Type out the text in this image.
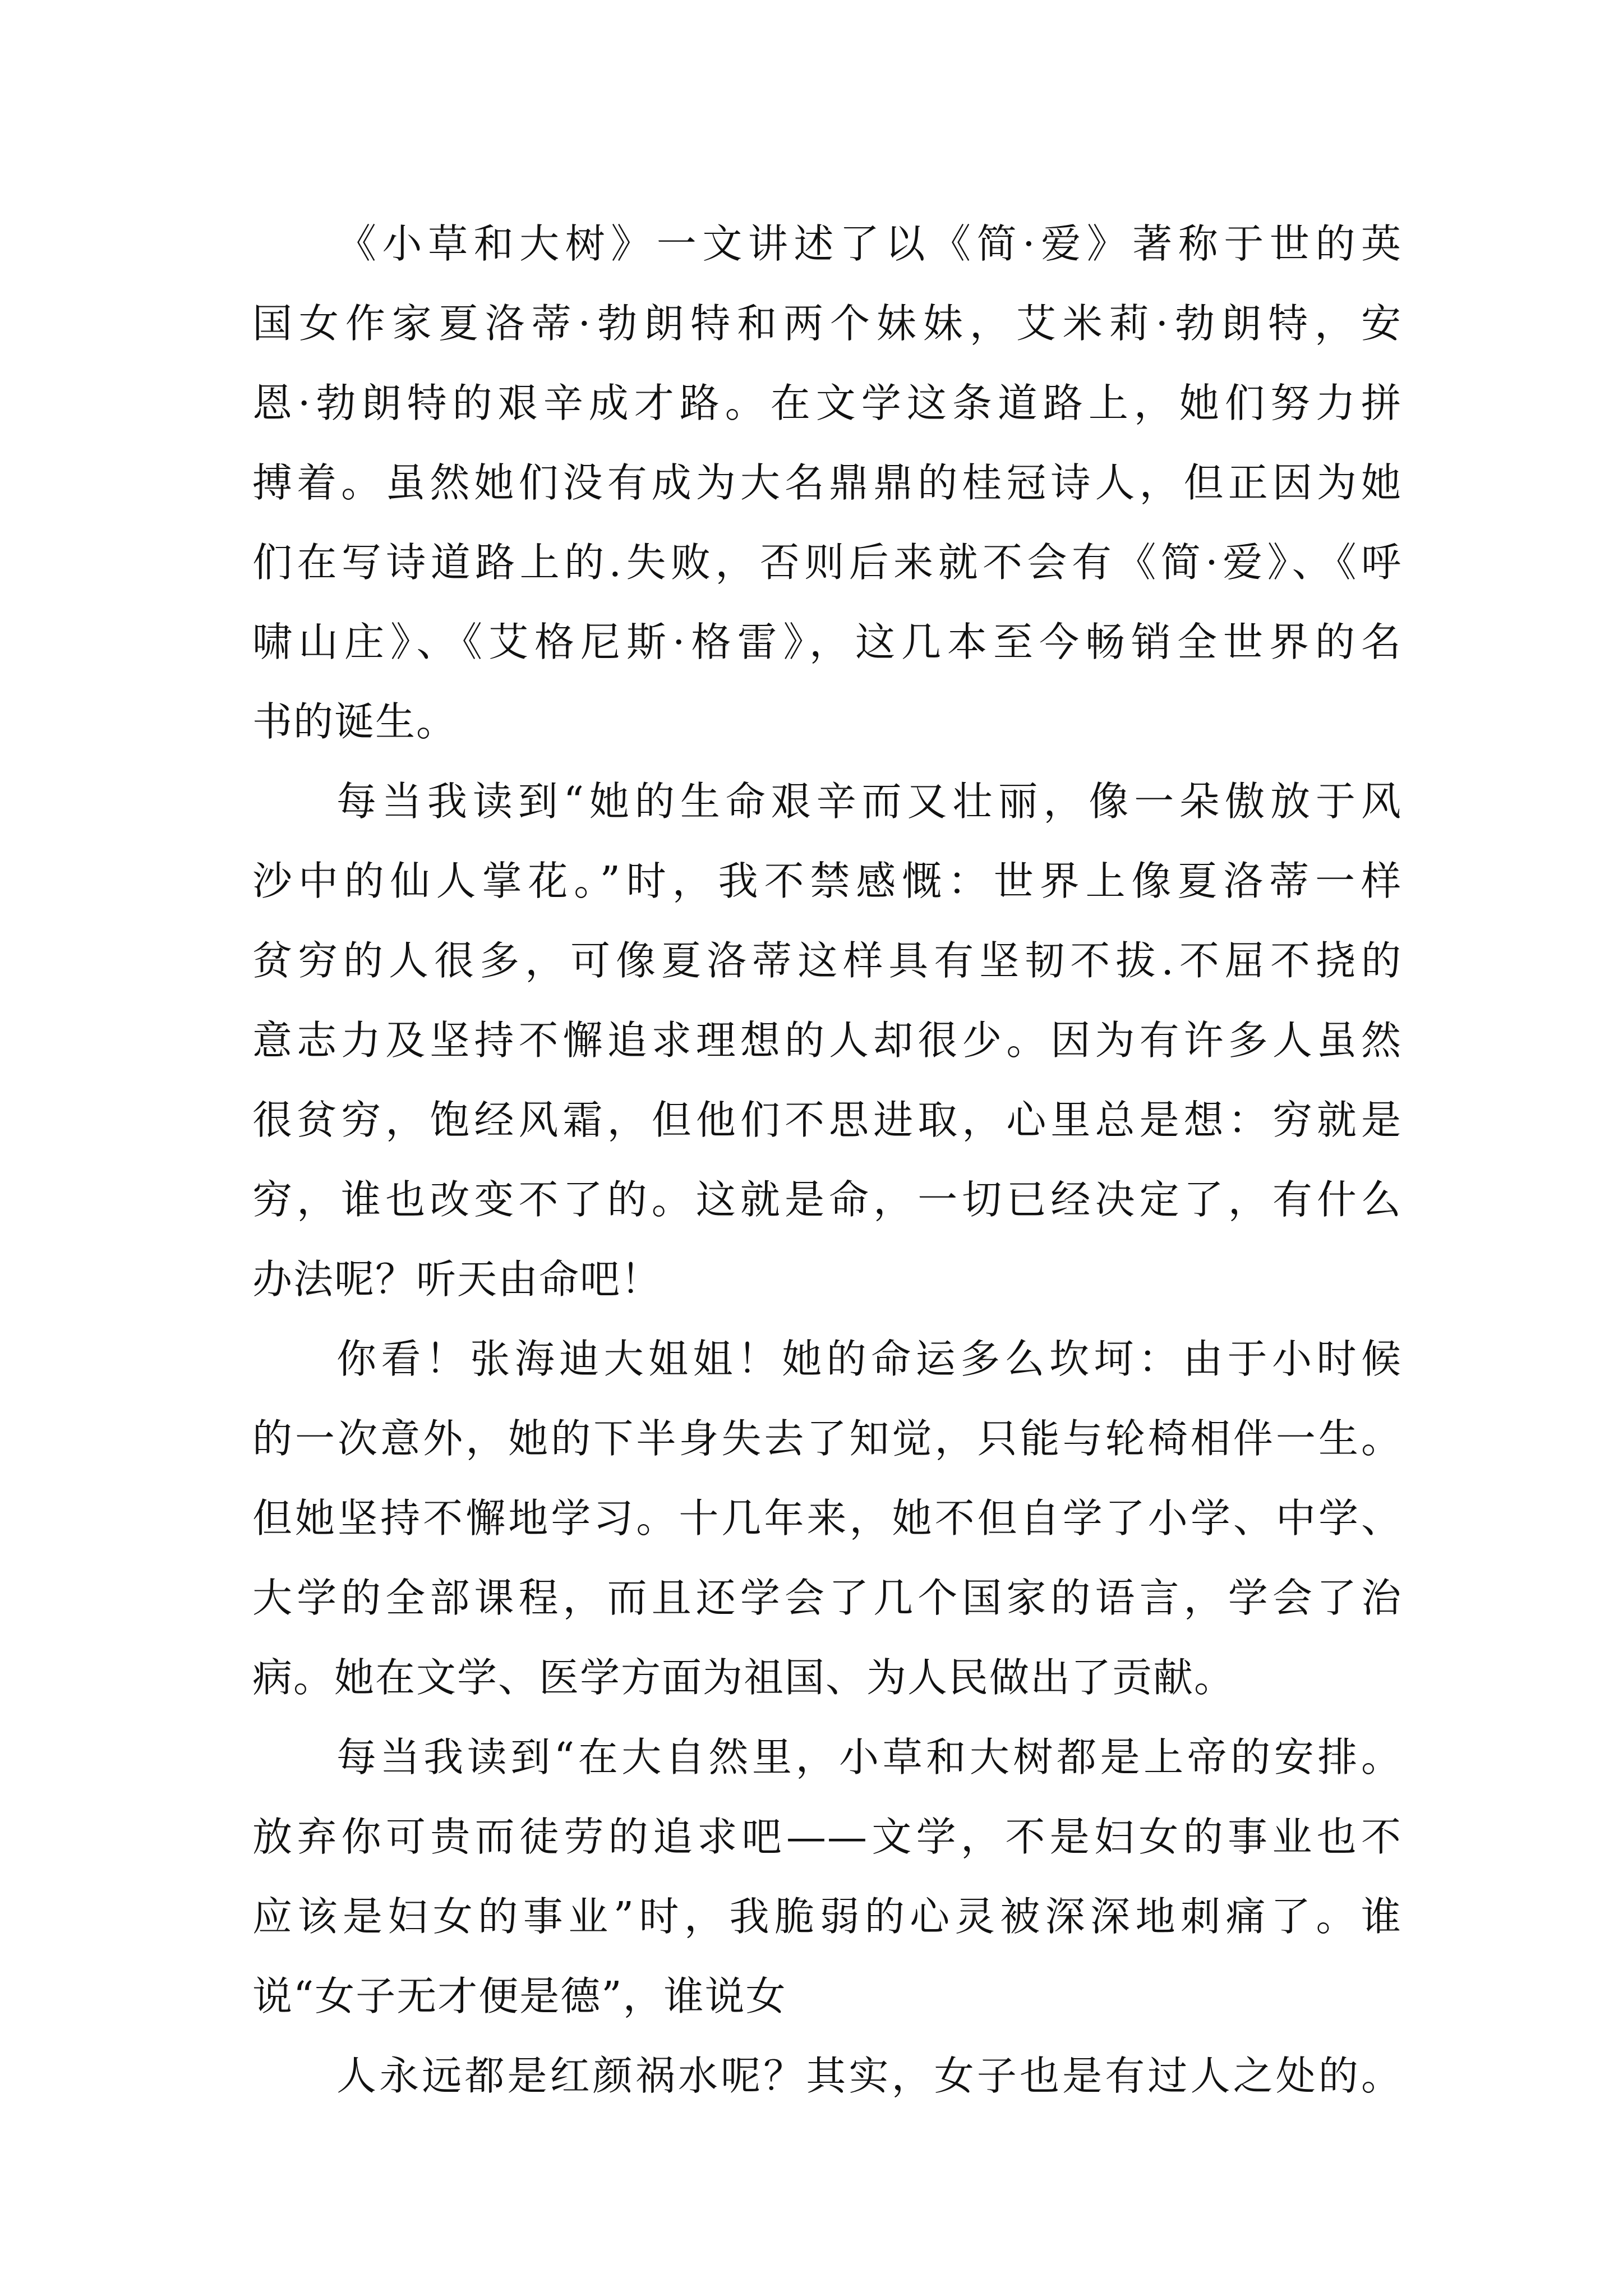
《小草和大树》一文讲述了以《简·爱》著称于世的英

国女作家夏洛蒂·勃朗特和两个妹妹，艾米莉·勃朗特，安

恩·勃朗特的艰辛成才路。在文学这条道路上，她们努力拼

搏着。虽然她们没有成为大名鼎鼎的桂冠诗人，但正因为她

们在写诗道路上的.失败，否则后来就不会有《简·爱》、《呼

啸山庄》、《艾格尼斯·格雷》，这几本至今畅销全世界的名

书的诞生。

每当我读到“她的生命艰辛而又壮丽，像一朵傲放于风

沙中的仙人掌花。”时，我不禁感慨：世界上像夏洛蒂一样

贫穷的人很多，可像夏洛蒂这样具有坚韧不拔.不屈不挠的

意志力及坚持不懈追求理想的人却很少。因为有许多人虽然

很贫穷，饱经风霜，但他们不思进取，心里总是想：穷就是

穷，谁也改变不了的。这就是命，一切已经决定了，有什么

办法呢？听天由命吧！

你看！张海迪大姐姐！她的命运多么坎坷：由于小时候

的一次意外，她的下半身失去了知觉，只能与轮椅相伴一生。

但她坚持不懈地学习。十几年来，她不但自学了小学、中学、

大学的全部课程，而且还学会了几个国家的语言，学会了治

病。她在文学、医学方面为祖国、为人民做出了贡献。

每当我读到“在大自然里，小草和大树都是上帝的安排。

放弃你可贵而徒劳的追求吧——文学，不是妇女的事业也不

应该是妇女的事业”时，我脆弱的心灵被深深地刺痛了。谁

说“女子无才便是德”，谁说女

人永远都是红颜祸水呢？其实，女子也是有过人之处的。
